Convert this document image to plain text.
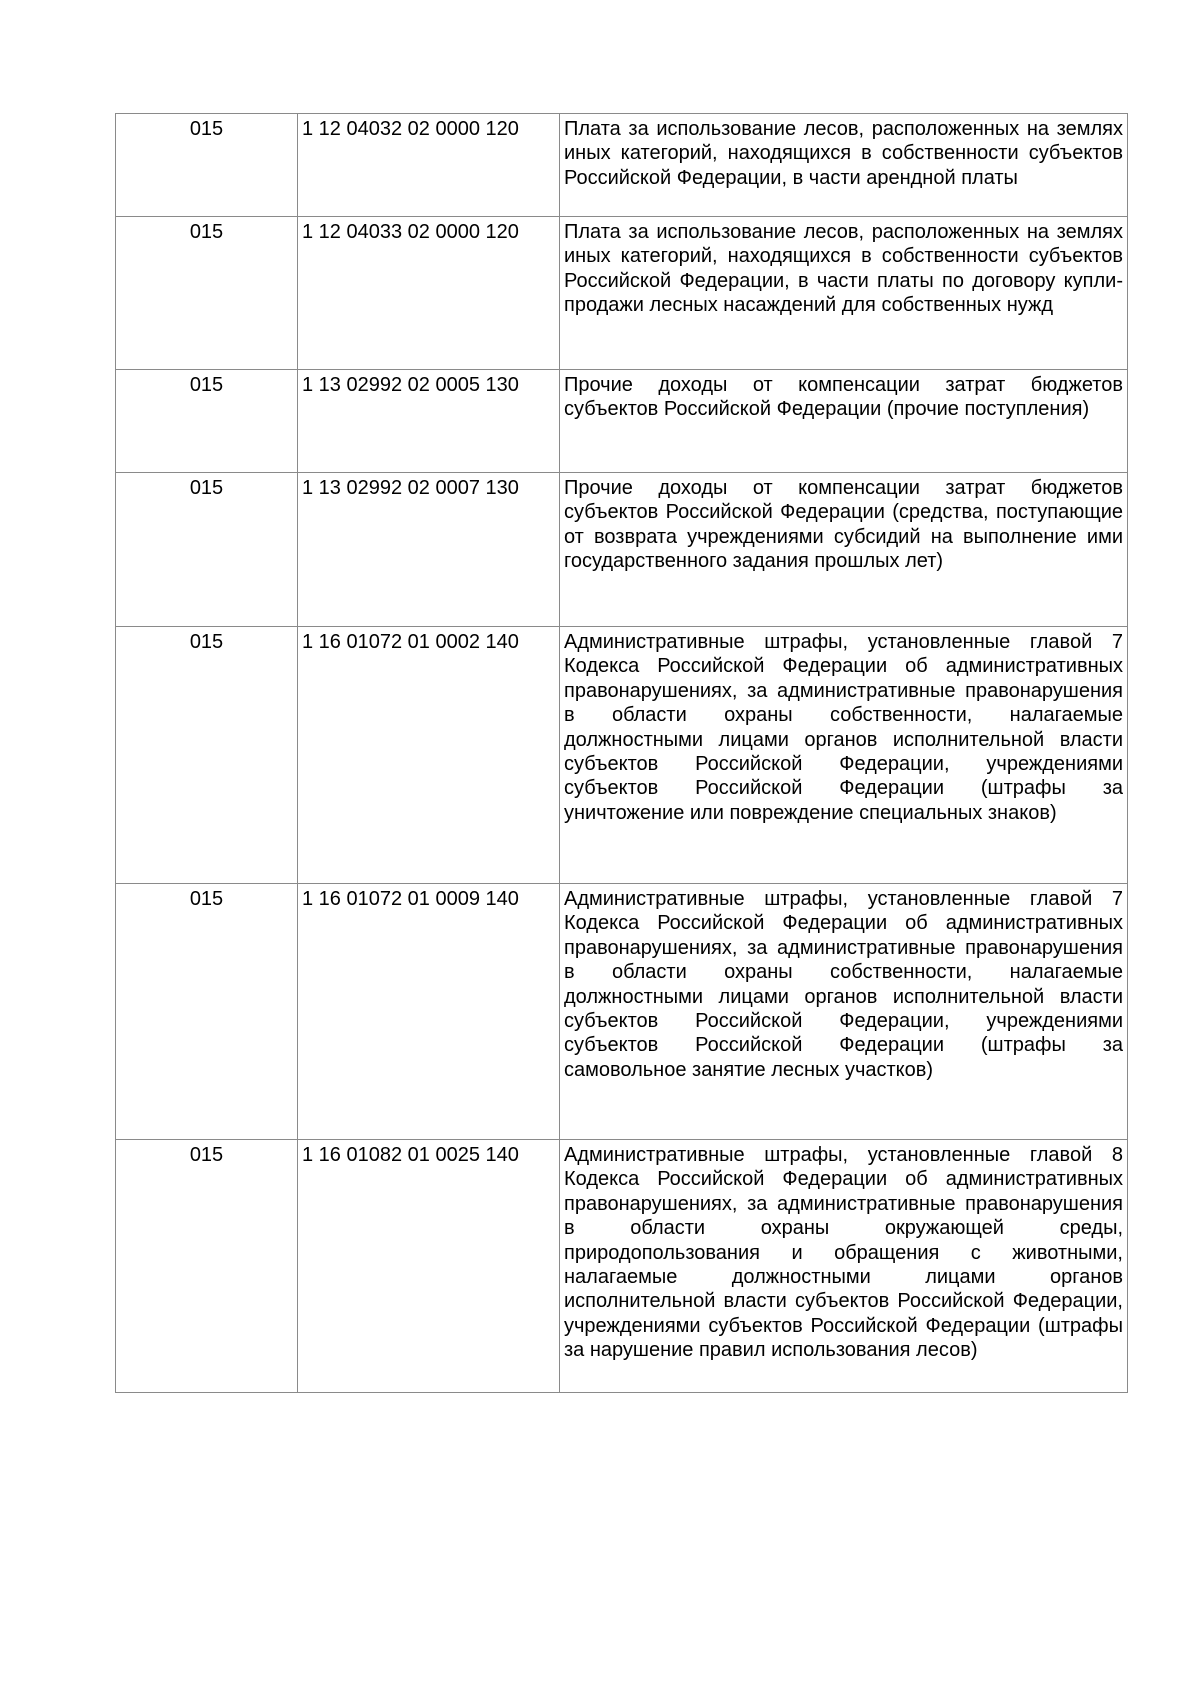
015	1 12 04032 02 0000 120	Плата за использование лесов, расположенных на землях иных категорий, находящихся в собственности субъектов Российской Федерации, в части арендной платы
015	1 12 04033 02 0000 120	Плата за использование лесов, расположенных на землях иных категорий, находящихся в собственности субъектов Российской Федерации, в части платы по договору купли-продажи лесных насаждений для собственных нужд
015	1 13 02992 02 0005 130	Прочие доходы от компенсации затрат бюджетов субъектов Российской Федерации (прочие поступления)
015	1 13 02992 02 0007 130	Прочие доходы от компенсации затрат бюджетов субъектов Российской Федерации (средства, поступающие от возврата учреждениями субсидий на выполнение ими государственного задания прошлых лет)
015	1 16 01072 01 0002 140	Административные штрафы, установленные главой 7 Кодекса Российской Федерации об административных правонарушениях, за административные правонарушения в области охраны собственности, налагаемые должностными лицами органов исполнительной власти субъектов Российской Федерации, учреждениями субъектов Российской Федерации (штрафы за уничтожение или повреждение специальных знаков)
015	1 16 01072 01 0009 140	Административные штрафы, установленные главой 7 Кодекса Российской Федерации об административных правонарушениях, за административные правонарушения в области охраны собственности, налагаемые должностными лицами органов исполнительной власти субъектов Российской Федерации, учреждениями субъектов Российской Федерации (штрафы за самовольное занятие лесных участков)
015	1 16 01082 01 0025 140	Административные штрафы, установленные главой 8 Кодекса Российской Федерации об административных правонарушениях, за административные правонарушения в области охраны окружающей среды, природопользования и обращения с животными, налагаемые должностными лицами органов исполнительной власти субъектов Российской Федерации, учреждениями субъектов Российской Федерации (штрафы за нарушение правил использования лесов)
